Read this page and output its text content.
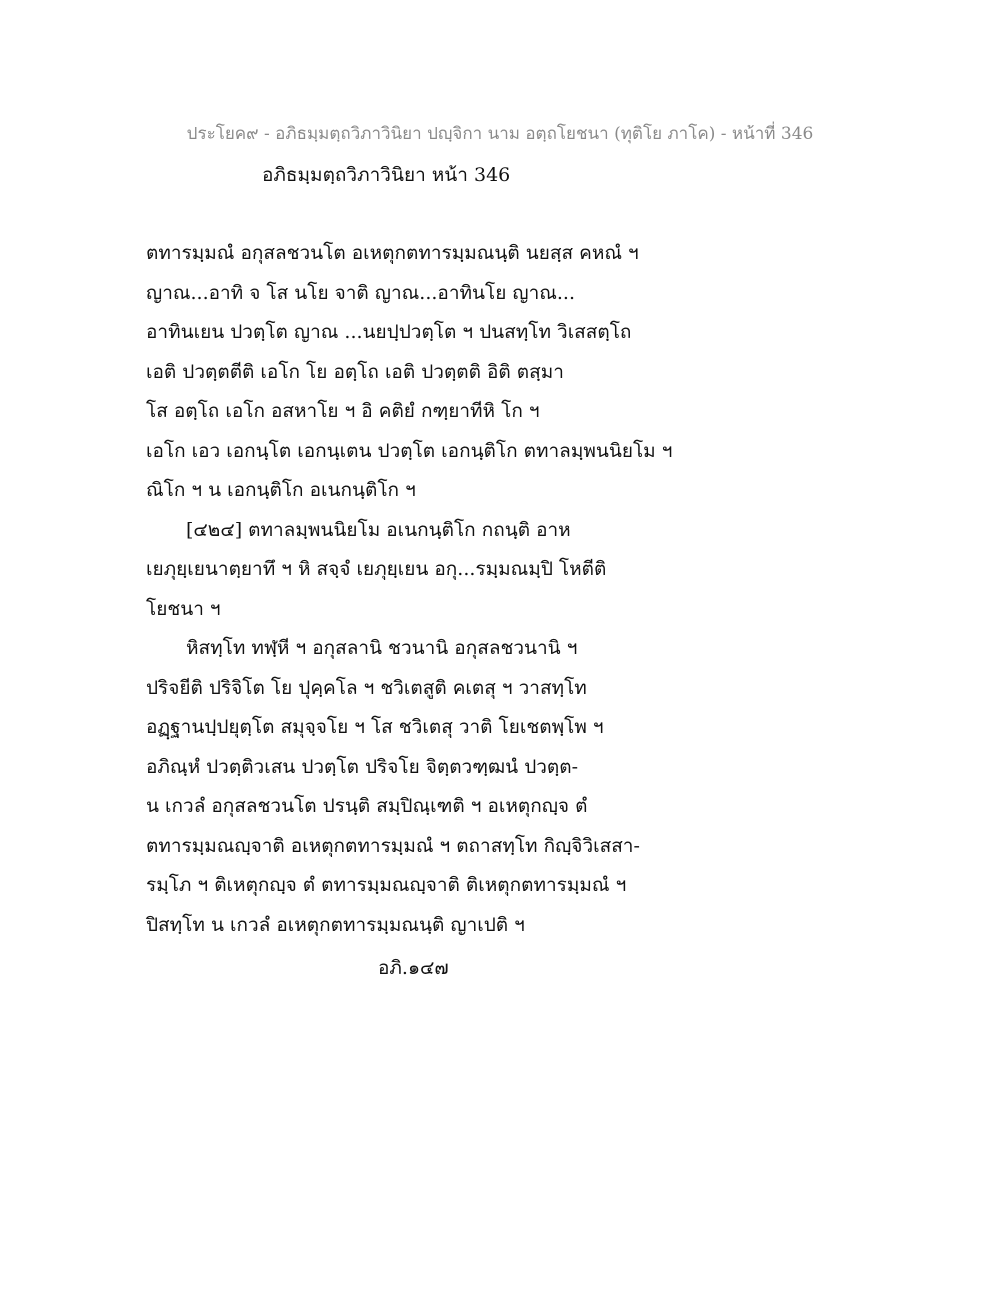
ประโยค๙ - อภิธมฺมตฺถวิภาวินิยา ปญฺจิกา นาม อตฺถโยชนา (ทุติโย ภาโค) - หน้าที่ 346
อภิธมฺมตฺถวิภาวินิยา หน้า 346
ตทารมฺมณํ อกุสลชวนโต อเหตุกตทารมฺมณนฺติ นยสฺส คหณํ ฯ
ญาณ...อาทิ จ โส นโย จาติ ญาณ...อาทินโย ญาณ...
อาทินเยน ปวตฺโต ญาณ ...นยปฺปวตฺโต ฯ ปนสทฺโท วิเสสตฺโถ
เอติ ปวตฺตตีติ เอโก โย อตฺโถ เอติ ปวตฺตติ อิติ ตสฺมา
โส อตฺโถ เอโก อสหาโย ฯ อิ คติยํ กฑฺยาทีหิ โก ฯ
เอโก เอว เอกนฺโต เอกนฺเตน ปวตฺโต เอกนฺติโก ตทาลมฺพนนิยโม ฯ
ณิโก ฯ น เอกนฺติโก อเนกนฺติโก ฯ
[๔๒๔] ตทาลมฺพนนิยโม อเนกนฺติโก กถนฺติ อาห
เยภุยฺเยนาตฺยาทึ ฯ หิ สจฺจํ เยภุยฺเยน อกุ...รมฺมณมฺปิ โหตีติ
โยชนา ฯ
หิสทฺโท ทฬฺหี ฯ อกุสลานิ ชวนานิ อกุสลชวนานิ ฯ
ปริจยีติ ปริจิโต โย ปุคฺคโล ฯ ชวิเตสูติ คเตสุ ฯ วาสทฺโท
อฏฺฐานปฺปยุตฺโต สมุจฺจโย ฯ โส ชวิเตสุ วาติ โยเชตพฺโพ ฯ
อภิณฺหํ ปวตฺติวเสน ปวตฺโต ปริจโย จิตฺตวฑฺฒนํ ปวตฺต-
น เกวลํ อกุสลชวนโต ปรนฺติ สมฺปิณฺเฑติ ฯ อเหตุกญฺจ ตํ
ตทารมฺมณญฺจาติ อเหตุกตทารมฺมณํ ฯ ตถาสทฺโท กิญฺจิวิเสสา-
รมฺโภ ฯ ติเหตุกญฺจ ตํ ตทารมฺมณญฺจาติ ติเหตุกตทารมฺมณํ ฯ
ปิสทฺโท น เกวลํ อเหตุกตทารมฺมณนฺติ ญาเปติ ฯ
อภิ.๑๔๗
